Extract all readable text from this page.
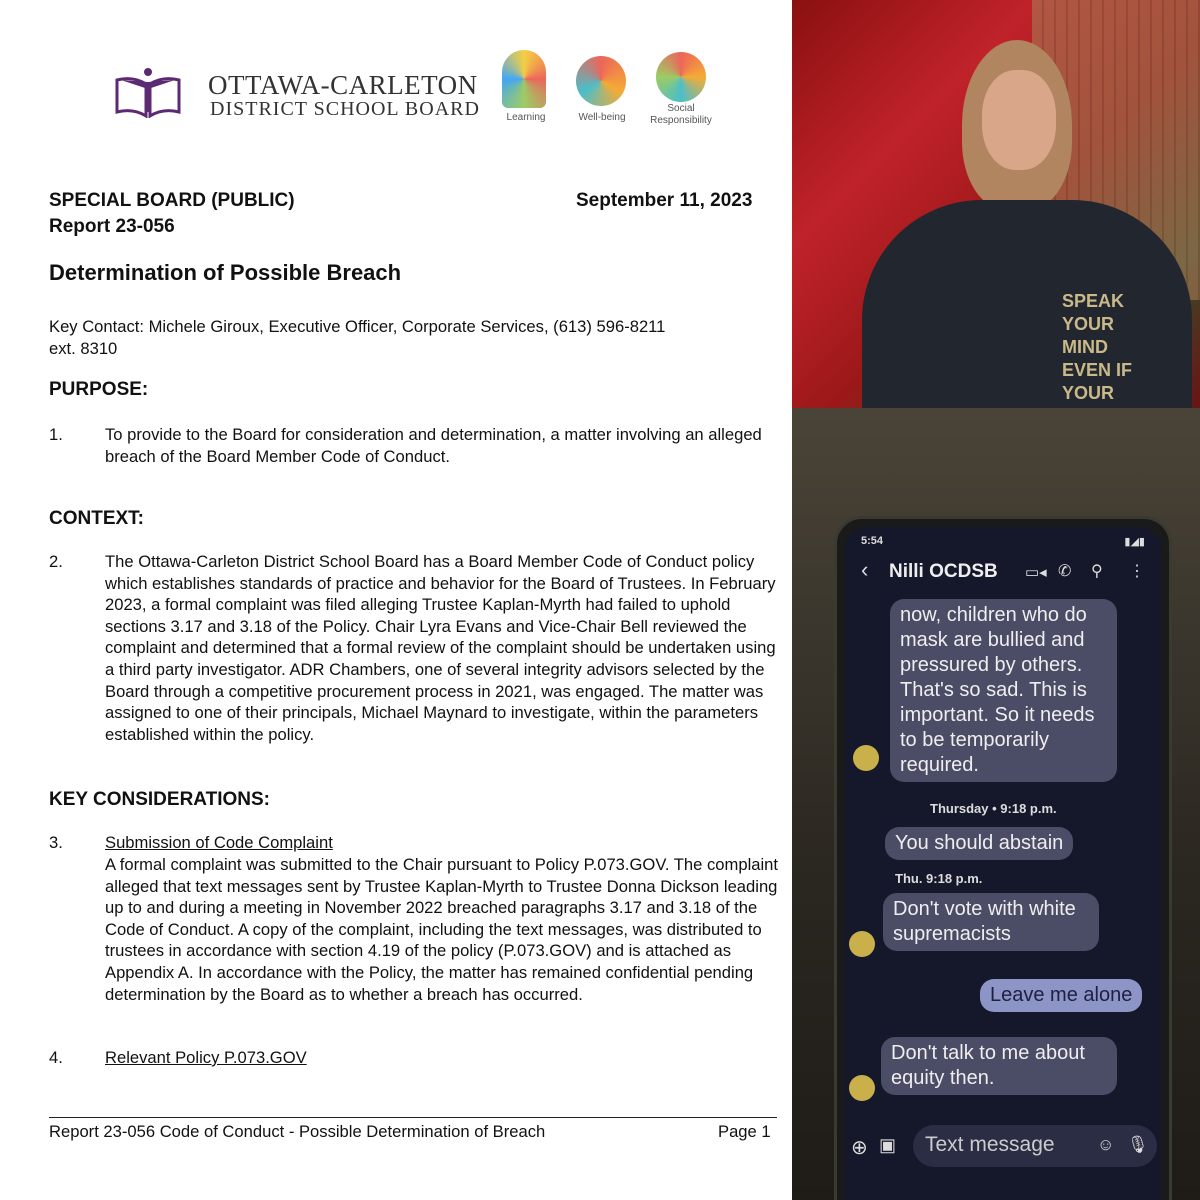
OTTAWA-CARLETON
DISTRICT SCHOOL BOARD	Learning	Well-being
Social
Responsibility
SPECIAL BOARD (PUBLIC)
Report 23-056
September 11, 2023
Determination of Possible Breach
Key Contact: Michele Giroux, Executive Officer, Corporate Services, (613) 596-8211
ext. 8310
PURPOSE:
1.	To provide to the Board for consideration and determination, a matter involving an alleged breach of the Board Member Code of Conduct.
CONTEXT:
2.	The Ottawa-Carleton District School Board has a Board Member Code of Conduct policy which establishes standards of practice and behavior for the Board of Trustees. In February 2023, a formal complaint was filed alleging Trustee Kaplan-Myrth had failed to uphold sections 3.17 and 3.18 of the Policy. Chair Lyra Evans and Vice-Chair Bell reviewed the complaint and determined that a formal review of the complaint should be undertaken using a third party investigator. ADR Chambers, one of several integrity advisors selected by the Board through a competitive procurement process in 2021, was engaged. The matter was assigned to one of their principals, Michael Maynard to investigate, within the parameters established within the policy.
KEY CONSIDERATIONS:
3.	Submission of Code Complaint
A formal complaint was submitted to the Chair pursuant to Policy P.073.GOV. The complaint alleged that text messages sent by Trustee Kaplan-Myrth to Trustee Donna Dickson leading up to and during a meeting in November 2022 breached paragraphs 3.17 and 3.18 of the Code of Conduct. A copy of the complaint, including the text messages, was distributed to trustees in accordance with section 4.19 of the policy (P.073.GOV) and is attached as Appendix A. In accordance with the Policy, the matter has remained confidential pending determination by the Board as to whether a breach has occurred.
4.	Relevant Policy P.073.GOV
Report 23-056 Code of Conduct - Possible Determination of Breach	Page 1
SPEAK
YOUR
MIND
EVEN IF
YOUR
5:54	▮◢▮
‹ Nilli OCDSB ▭◂ ✆ ⚲ ⋮
now, children who do mask are bullied and pressured by others. That's so sad. This is important. So it needs to be temporarily required.
Thursday • 9:18 p.m.
You should abstain
Thu. 9:18 p.m.
Don't vote with white supremacists
Leave me alone
Don't talk to me about equity then.
⊕ ▣ Text message ☺ 🎙
